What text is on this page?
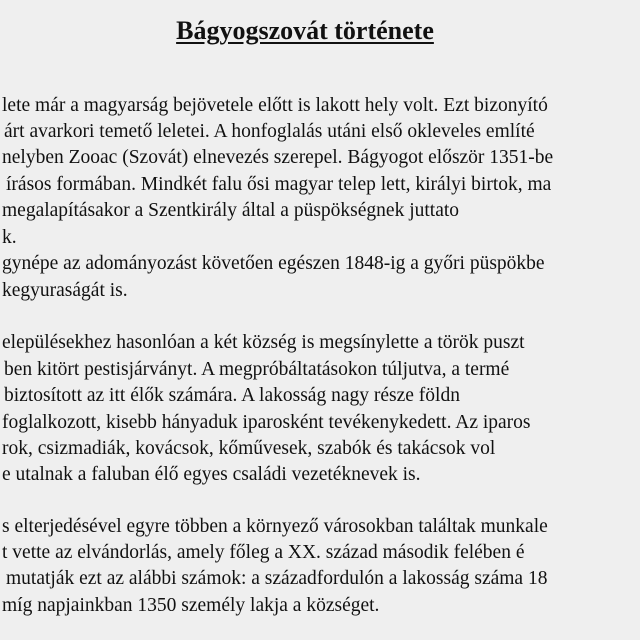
Bágyogszovát története
lete már a magyarság bejövetele előtt is lakott hely volt. Ezt bizonyító
árt avarkori temető leletei. A honfoglalás utáni első okleveles említé
nelyben Zooac (Szovát) elnevezés szerepel. Bágyogot először 1351-be
írásos formában. Mindkét falu ősi magyar telep lett, királyi birtok, ma
megalapításakor a Szentkirály által a püspökségnek juttato
k.
gynépe az adományozást követően egészen 1848-ig a győri püspökbe
kegyuraságát is.
elepülésekhez hasonlóan a két község is megsínylette a török puszt
ben kitört pestisjárványt. A megpróbáltatásokon túljutva, a termé
biztosított az itt élők számára. A lakosság nagy része földn
foglalkozott, kisebb hányaduk iparosként tevékenykedett. Az iparos
rok, csizmadiák, kovácsok, kőművesek, szabók és takácsok vol
e utalnak a faluban élő egyes családi vezetéknevek is.
s elterjedésével egyre többen a környező városokban találtak munkale
t vette az elvándorlás, amely főleg a XX. század második felében é
mutatják ezt az alábbi számok: a századfordulón a lakosság száma 18
míg napjainkban 1350 személy lakja a községet.
